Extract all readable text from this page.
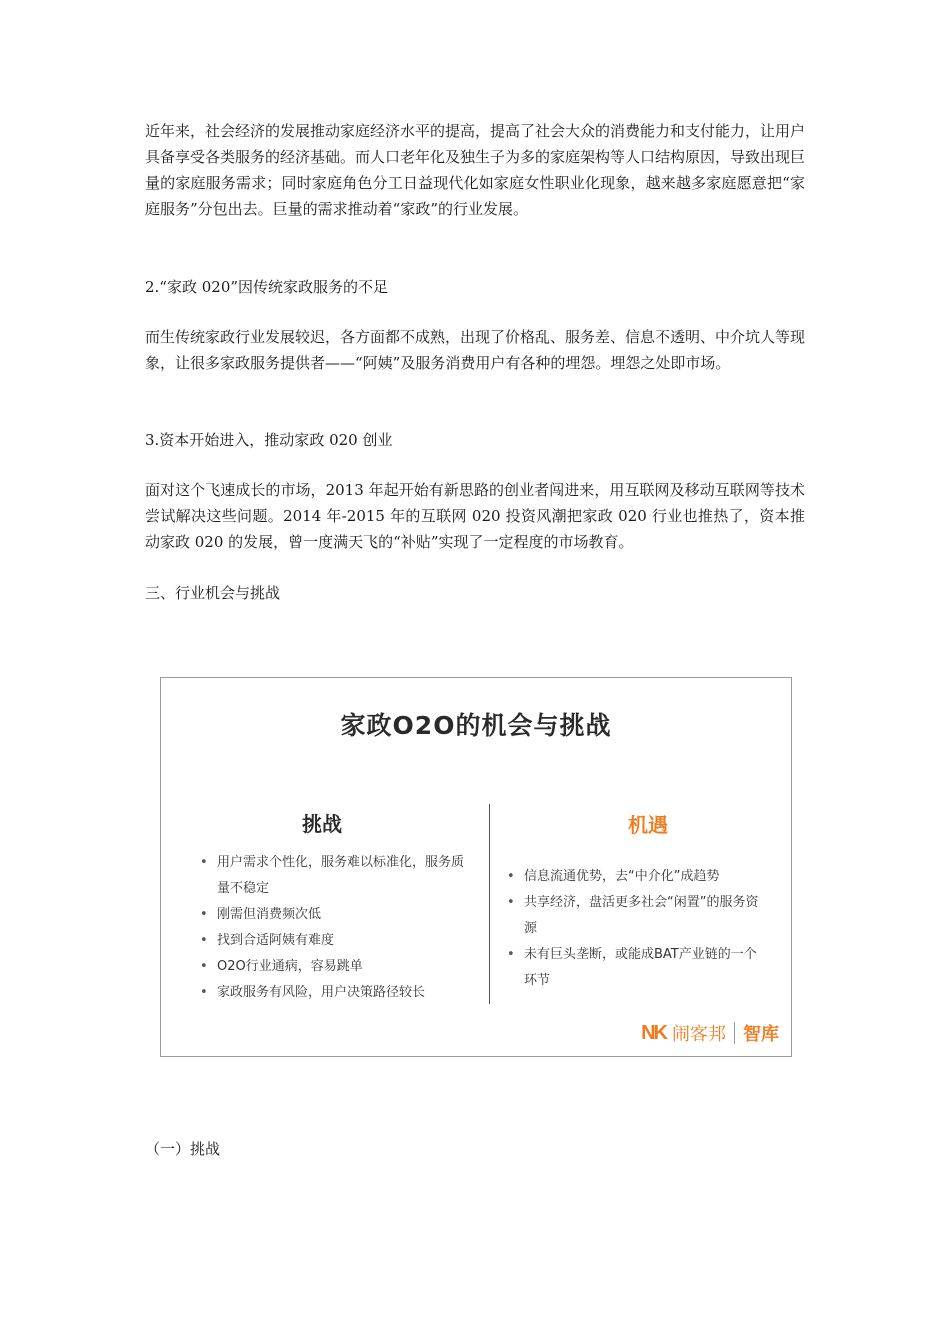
近年来，社会经济的发展推动家庭经济水平的提高，提高了社会大众的消费能力和支付能力，让用户具备享受各类服务的经济基础。而人口老年化及独生子为多的家庭架构等人口结构原因，导致出现巨量的家庭服务需求；同时家庭角色分工日益现代化如家庭女性职业化现象，越来越多家庭愿意把“家庭服务”分包出去。巨量的需求推动着“家政”的行业发展。

2.“家政 020”因传统家政服务的不足

而生传统家政行业发展较迟，各方面都不成熟，出现了价格乱、服务差、信息不透明、中介坑人等现象，让很多家政服务提供者——“阿姨”及服务消费用户有各种的埋怨。埋怨之处即市场。

3.资本开始进入，推动家政 020 创业

面对这个飞速成长的市场，2013 年起开始有新思路的创业者闯进来，用互联网及移动互联网等技术尝试解决这些问题。2014 年-2015 年的互联网 020 投资风潮把家政 020 行业也推热了，资本推动家政 020 的发展，曾一度满天飞的“补贴”实现了一定程度的市场教育。

三、行业机会与挑战

家政O2O的机会与挑战
挑战
• 用户需求个性化，服务难以标准化，服务质量不稳定
• 刚需但消费频次低
• 找到合适阿姨有难度
• O2O行业通病，容易跳单
• 家政服务有风险，用户决策路径较长
机遇
• 信息流通优势，去“中介化”成趋势
• 共享经济，盘活更多社会“闲置”的服务资源
• 未有巨头垄断，或能成BAT产业链的一个环节
NK 闹客邦 智库

（一）挑战
